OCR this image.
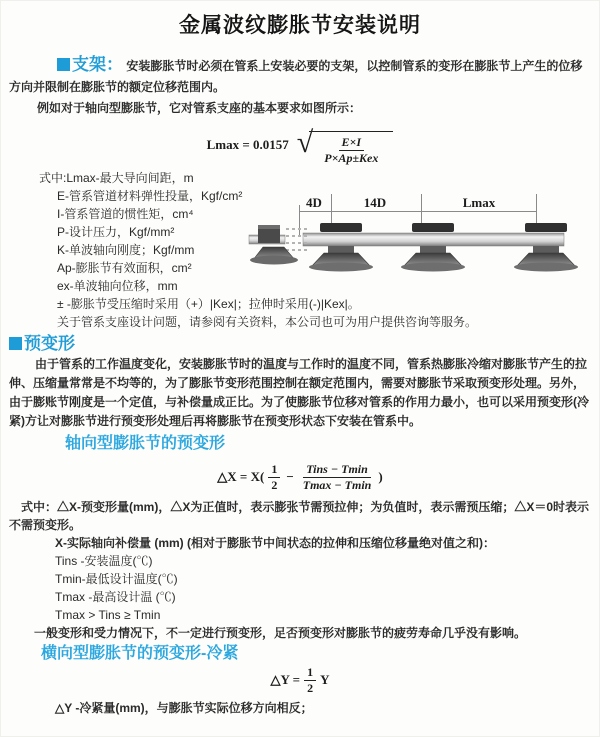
金属波纹膨胀节安装说明

支架： 安装膨胀节时必须在管系上安装必要的支架，以控制管系的变形在膨胀节上产生的位移方向并限制在膨胀节的额定位移范围内。

例如对于轴向型膨胀节，它对管系支座的基本要求如图所示：

Lmax = 0.0157 √ $\frac{E\times I}{\text{P×Ap±Kex}}$
式中:Lmax-最大导向间距，m
E-管系管道材料弹性投量，Kgf/cm²
I-管系管道的惯性矩，cm⁴
P-设计压力，Kgf/mm²
K-单波轴向刚度；Kgf/mm
Ap-膨胀节有效面积，cm²
ex-单波轴向位移，mm
± -膨胀节受压缩时采用（+）|Kex|；拉伸时采用(-)|Kex|。
关于管系支座设计问题，请参阅有关资料，本公司也可为用户提供咨询等服务。
4D	14D	Lmax
预变形

由于管系的工作温度变化，安装膨胀节时的温度与工作时的温度不同，管系热膨胀冷缩对膨胀节产生的拉伸、压缩量常常是不均等的，为了膨胀节变形范围控制在额定范围内，需要对膨胀节采取预变形处理。另外，由于膨账节刚度是一个定值，与补偿量成正比。为了使膨胀节位移对管系的作用力最小，也可以采用预变形(冷紧)方让对膨胀节进行预变形处理后再将膨胀节在预变形状态下安装在管系中。

轴向型膨胀节的预变形
△X = $X( \frac{1}{2} - \frac{\text{Tins − Tmin}}{Tmax - Tmin}$ )

式中：△X-预变形量(mm)，△X为正值时，表示膨张节需预拉伸；为负值时，表示需预压缩；△X＝0时表示不需预变形。

X-实际轴向补偿量 (mm) (相对于膨胀节中间状态的拉伸和压缩位移量绝对值之和)：
Tins -安装温度(℃)
Tmin-最低设计温度(℃)
Tmax -最高设计温 (℃)
Tmax > Tins ≥ Tmin
一般变形和受力情况下，不一定进行预变形，足否预变形对膨胀节的疲劳寿命几乎没有影响。
横向型膨胀节的预变形-冷紧
△Y = $\frac{1}{2}$ Y

△Y -冷紧量(mm)，与膨胀节实际位移方向相反；
